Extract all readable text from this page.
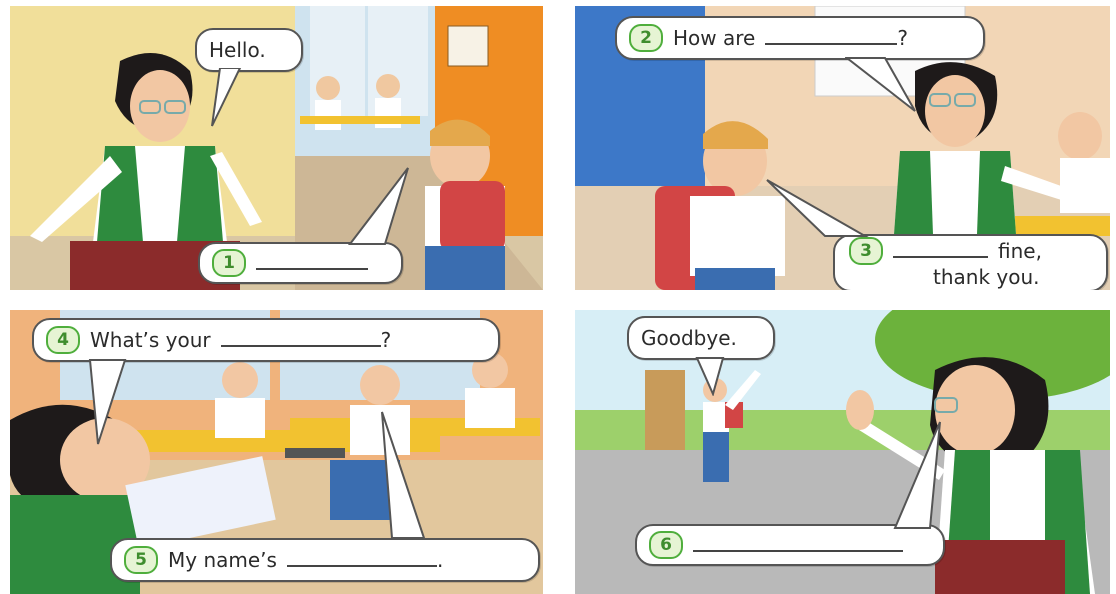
Hello.
1
2	How are	?
3	fine,
thank you.
4	What’s your	?
5	My name’s	.
Goodbye.
6
